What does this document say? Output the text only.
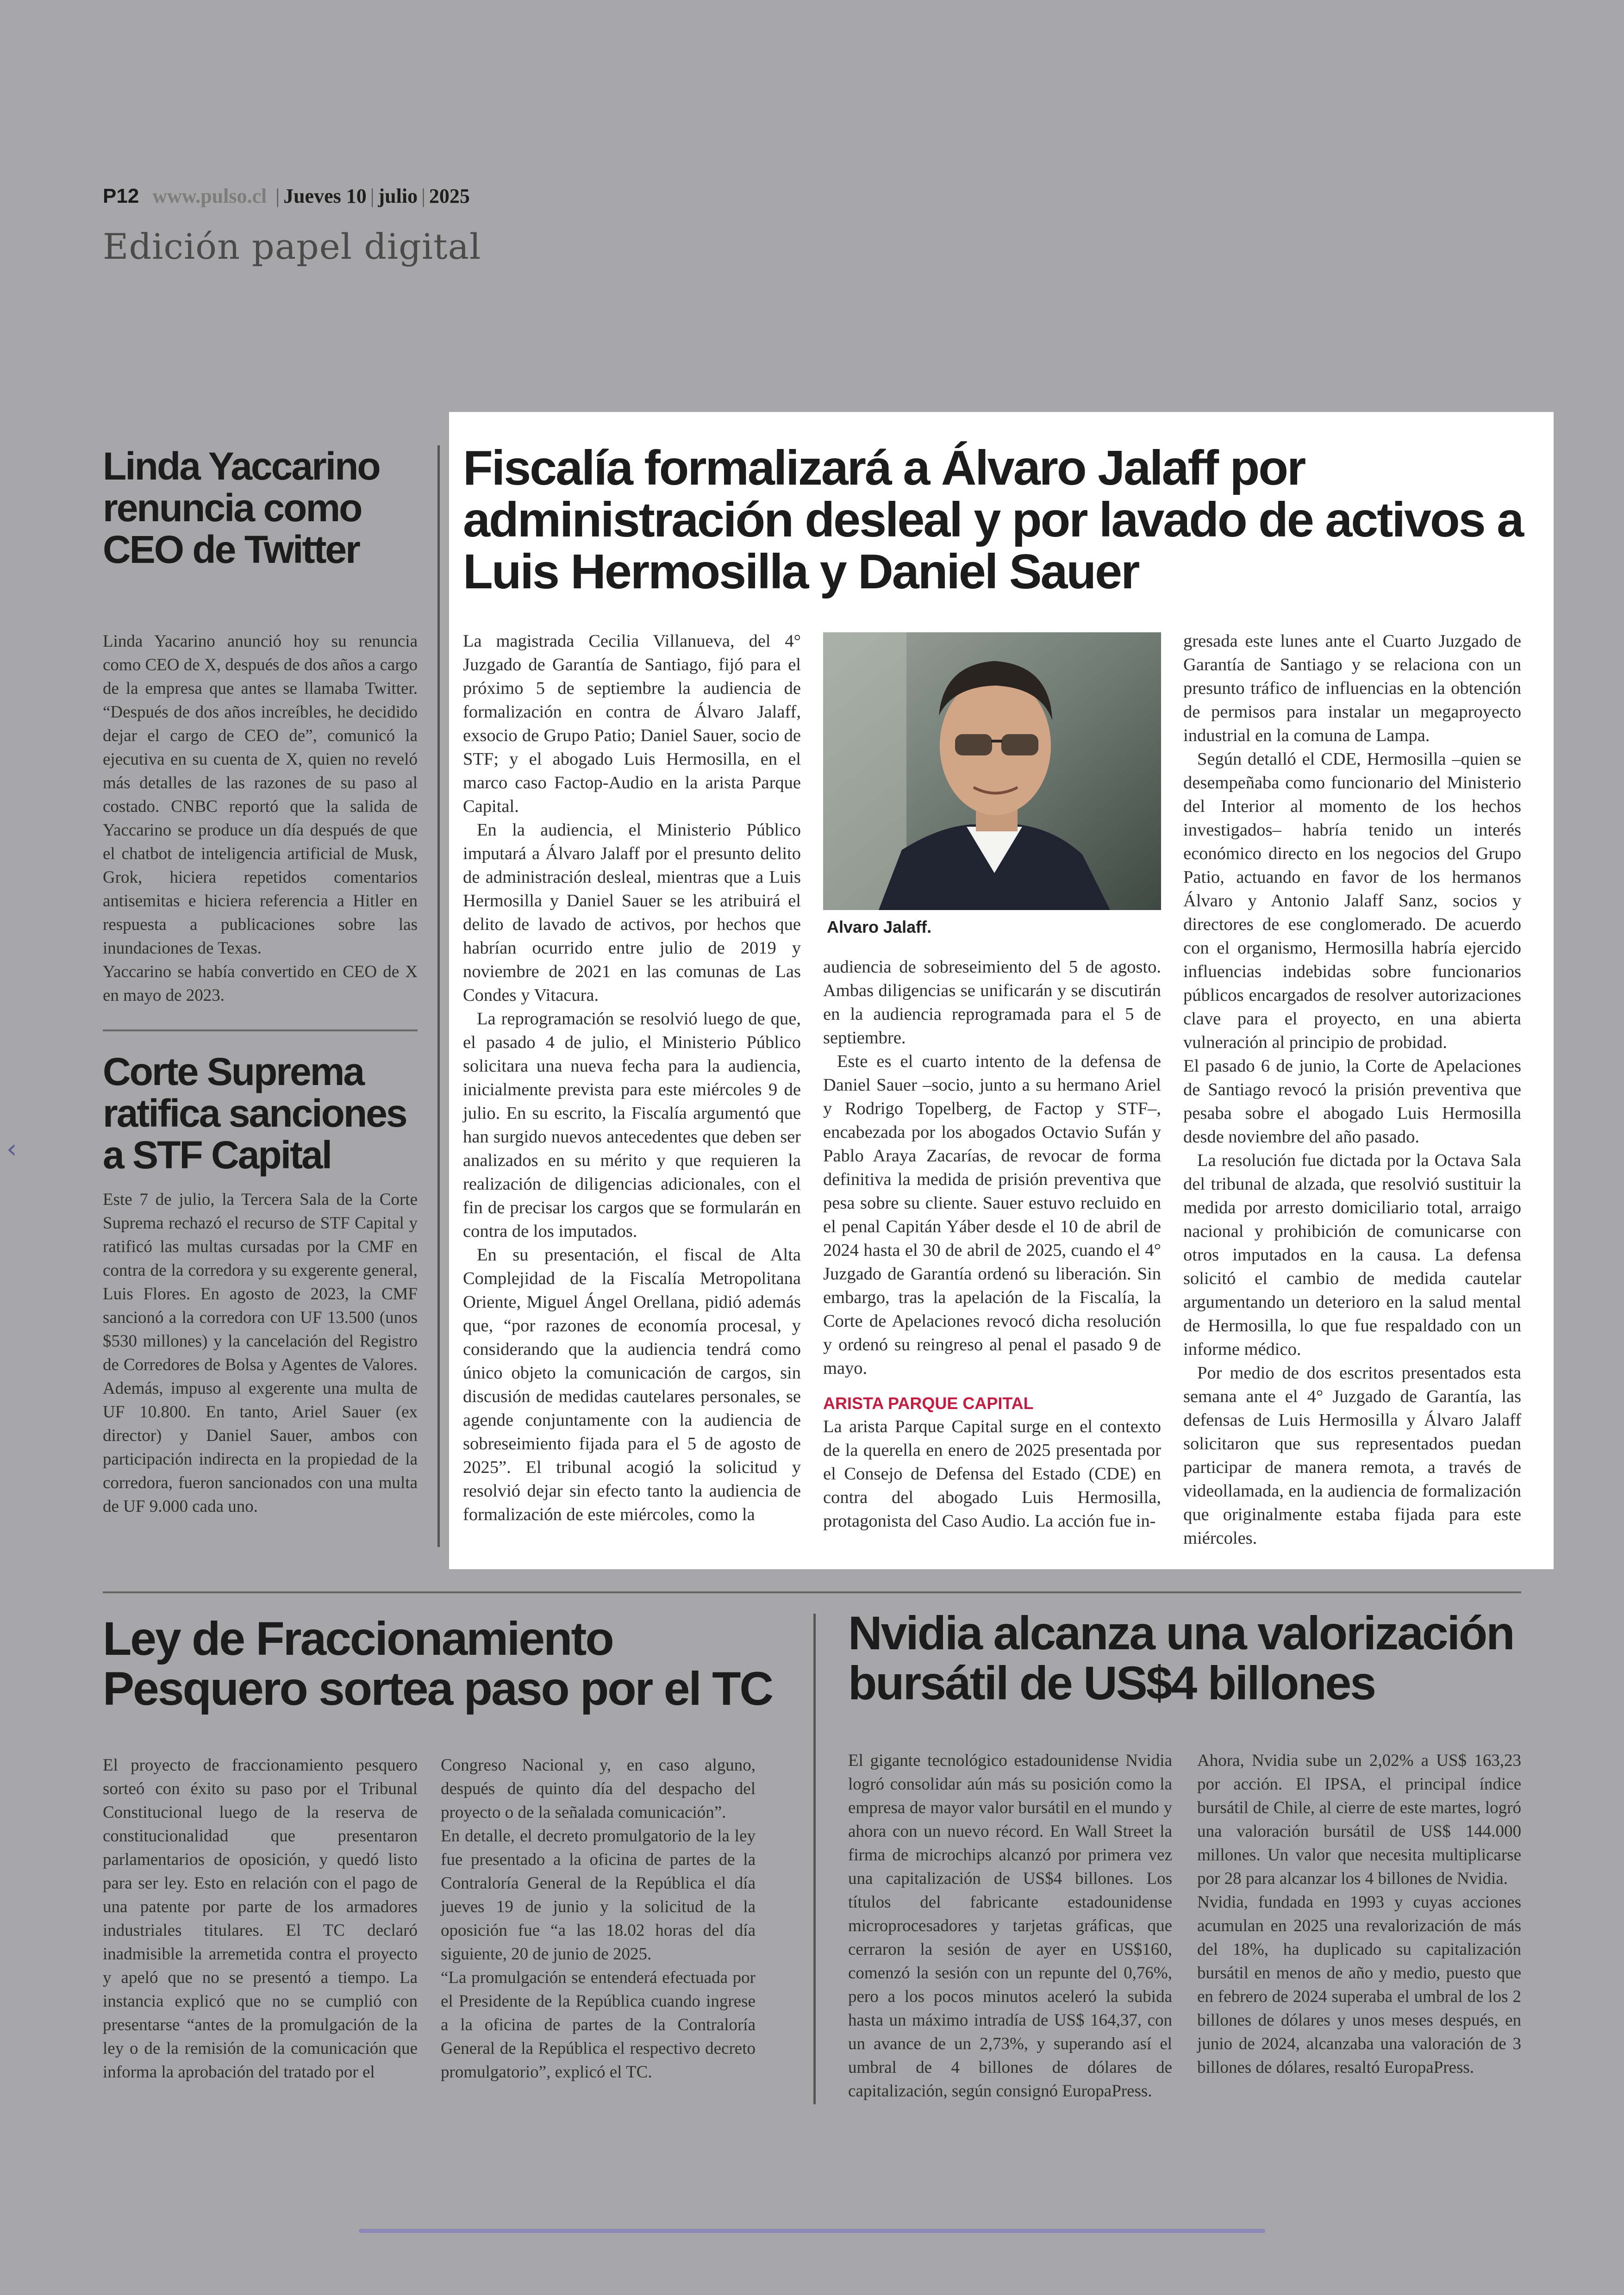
P12 www.pulso.cl | Jueves 10 | julio | 2025
Edición papel digital
‹
Linda Yaccarino renuncia como CEO de Twitter

Linda Yacarino anunció hoy su renuncia como CEO de X, después de dos años a cargo de la empresa que antes se llamaba Twitter. “Después de dos años increíbles, he decidido dejar el cargo de CEO de”, comunicó la ejecutiva en su cuenta de X, quien no reveló más detalles de las razones de su paso al costado. CNBC reportó que la salida de Yaccarino se produce un día después de que el chatbot de inteligencia artificial de Musk, Grok, hiciera repetidos comentarios antisemitas e hiciera referencia a Hitler en respuesta a publicaciones sobre las inundaciones de Texas.

Yaccarino se había convertido en CEO de X en mayo de 2023.

Corte Suprema ratifica sanciones a STF Capital

Este 7 de julio, la Tercera Sala de la Corte Suprema rechazó el recurso de STF Capital y ratificó las multas cursadas por la CMF en contra de la corredora y su exgerente general, Luis Flores. En agosto de 2023, la CMF sancionó a la corredora con UF 13.500 (unos $530 millones) y la cancelación del Registro de Corredores de Bolsa y Agentes de Valores. Además, impuso al exgerente una multa de UF 10.800. En tanto, Ariel Sauer (ex director) y Daniel Sauer, ambos con participación indirecta en la propiedad de la corredora, fueron sancionados con una multa de UF 9.000 cada uno.

Fiscalía formalizará a Álvaro Jalaff por administración desleal y por lavado de activos a Luis Hermosilla y Daniel Sauer

La magistrada Cecilia Villanueva, del 4° Juzgado de Garantía de Santiago, fijó para el próximo 5 de septiembre la audiencia de formalización en contra de Álvaro Jalaff, exsocio de Grupo Patio; Daniel Sauer, socio de STF; y el abogado Luis Hermosilla, en el marco caso Factop-Audio en la arista Parque Capital.

En la audiencia, el Ministerio Público imputará a Álvaro Jalaff por el presunto delito de administración desleal, mientras que a Luis Hermosilla y Daniel Sauer se les atribuirá el delito de lavado de activos, por hechos que habrían ocurrido entre julio de 2019 y noviembre de 2021 en las comunas de Las Condes y Vitacura.

La reprogramación se resolvió luego de que, el pasado 4 de julio, el Ministerio Público solicitara una nueva fecha para la audiencia, inicialmente prevista para este miércoles 9 de julio. En su escrito, la Fiscalía argumentó que han surgido nuevos antecedentes que deben ser analizados en su mérito y que requieren la realización de diligencias adicionales, con el fin de precisar los cargos que se formularán en contra de los imputados.

En su presentación, el fiscal de Alta Complejidad de la Fiscalía Metropolitana Oriente, Miguel Ángel Orellana, pidió además que, “por razones de economía procesal, y considerando que la audiencia tendrá como único objeto la comunicación de cargos, sin discusión de medidas cautelares personales, se agende conjuntamente con la audiencia de sobreseimiento fijada para el 5 de agosto de 2025”. El tribunal acogió la solicitud y resolvió dejar sin efecto tanto la audiencia de formalización de este miércoles, como la

Alvaro Jalaff.

audiencia de sobreseimiento del 5 de agosto. Ambas diligencias se unificarán y se discutirán en la audiencia reprogramada para el 5 de septiembre.

Este es el cuarto intento de la defensa de Daniel Sauer –socio, junto a su hermano Ariel y Rodrigo Topelberg, de Factop y STF–, encabezada por los abogados Octavio Sufán y Pablo Araya Zacarías, de revocar de forma definitiva la medida de prisión preventiva que pesa sobre su cliente. Sauer estuvo recluido en el penal Capitán Yáber desde el 10 de abril de 2024 hasta el 30 de abril de 2025, cuando el 4° Juzgado de Garantía ordenó su liberación. Sin embargo, tras la apelación de la Fiscalía, la Corte de Apelaciones revocó dicha resolución y ordenó su reingreso al penal el pasado 9 de mayo.

ARISTA PARQUE CAPITAL

La arista Parque Capital surge en el contexto de la querella en enero de 2025 presentada por el Consejo de Defensa del Estado (CDE) en contra del abogado Luis Hermosilla, protagonista del Caso Audio. La acción fue in-

gresada este lunes ante el Cuarto Juzgado de Garantía de Santiago y se relaciona con un presunto tráfico de influencias en la obtención de permisos para instalar un megaproyecto industrial en la comuna de Lampa.

Según detalló el CDE, Hermosilla –quien se desempeñaba como funcionario del Ministerio del Interior al momento de los hechos investigados– habría tenido un interés económico directo en los negocios del Grupo Patio, actuando en favor de los hermanos Álvaro y Antonio Jalaff Sanz, socios y directores de ese conglomerado. De acuerdo con el organismo, Hermosilla habría ejercido influencias indebidas sobre funcionarios públicos encargados de resolver autorizaciones clave para el proyecto, en una abierta vulneración al principio de probidad.

El pasado 6 de junio, la Corte de Apelaciones de Santiago revocó la prisión preventiva que pesaba sobre el abogado Luis Hermosilla desde noviembre del año pasado.

La resolución fue dictada por la Octava Sala del tribunal de alzada, que resolvió sustituir la medida por arresto domiciliario total, arraigo nacional y prohibición de comunicarse con otros imputados en la causa. La defensa solicitó el cambio de medida cautelar argumentando un deterioro en la salud mental de Hermosilla, lo que fue respaldado con un informe médico.

Por medio de dos escritos presentados esta semana ante el 4° Juzgado de Garantía, las defensas de Luis Hermosilla y Álvaro Jalaff solicitaron que sus representados puedan participar de manera remota, a través de videollamada, en la audiencia de formalización que originalmente estaba fijada para este miércoles.

Ley de Fraccionamiento Pesquero sortea paso por el TC

El proyecto de fraccionamiento pesquero sorteó con éxito su paso por el Tribunal Constitucional luego de la reserva de constitucionalidad que presentaron parlamentarios de oposición, y quedó listo para ser ley. Esto en relación con el pago de una patente por parte de los armadores industriales titulares. El TC declaró inadmisible la arremetida contra el proyecto y apeló que no se presentó a tiempo. La instancia explicó que no se cumplió con presentarse “antes de la promulgación de la ley o de la remisión de la comunicación que informa la aprobación del tratado por el

Congreso Nacional y, en caso alguno, después de quinto día del despacho del proyecto o de la señalada comunicación”.

En detalle, el decreto promulgatorio de la ley fue presentado a la oficina de partes de la Contraloría General de la República el día jueves 19 de junio y la solicitud de la oposición fue “a las 18.02 horas del día siguiente, 20 de junio de 2025.

“La promulgación se entenderá efectuada por el Presidente de la República cuando ingrese a la oficina de partes de la Contraloría General de la República el respectivo decreto promulgatorio”, explicó el TC.

Nvidia alcanza una valorización bursátil de US$4 billones

El gigante tecnológico estadounidense Nvidia logró consolidar aún más su posición como la empresa de mayor valor bursátil en el mundo y ahora con un nuevo récord. En Wall Street la firma de microchips alcanzó por primera vez una capitalización de US$4 billones. Los títulos del fabricante estadounidense microprocesadores y tarjetas gráficas, que cerraron la sesión de ayer en US$160, comenzó la sesión con un repunte del 0,76%, pero a los pocos minutos aceleró la subida hasta un máximo intradía de US$ 164,37, con un avance de un 2,73%, y superando así el umbral de 4 billones de dólares de capitalización, según consignó EuropaPress.

Ahora, Nvidia sube un 2,02% a US$ 163,23 por acción. El IPSA, el principal índice bursátil de Chile, al cierre de este martes, logró una valoración bursátil de US$ 144.000 millones. Un valor que necesita multiplicarse por 28 para alcanzar los 4 billones de Nvidia.

Nvidia, fundada en 1993 y cuyas acciones acumulan en 2025 una revalorización de más del 18%, ha duplicado su capitalización bursátil en menos de año y medio, puesto que en febrero de 2024 superaba el umbral de los 2 billones de dólares y unos meses después, en junio de 2024, alcanzaba una valoración de 3 billones de dólares, resaltó EuropaPress.
